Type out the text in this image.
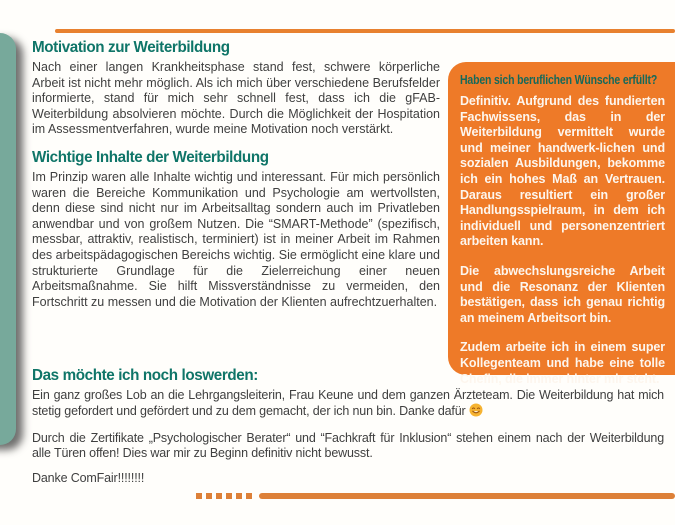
Motivation zur Weiterbildung

Nach einer langen Krankheitsphase stand fest, schwere körperliche Arbeit ist nicht mehr möglich. Als ich mich über verschiedene Berufsfelder informierte, stand für mich sehr schnell fest, dass ich die gFAB-Weiterbildung absolvieren möchte. Durch die Möglichkeit der Hospitation im Assessmentverfahren, wurde meine Motivation noch verstärkt.

Wichtige Inhalte der Weiterbildung

Im Prinzip waren alle Inhalte wichtig und interessant. Für mich persönlich waren die Bereiche Kommunikation und Psychologie am wertvollsten, denn diese sind nicht nur im Arbeitsalltag sondern auch im Privatleben anwendbar und von großem Nutzen. Die “SMART-Methode” (spezifisch, messbar, attraktiv, realistisch, terminiert) ist in meiner Arbeit im Rahmen des arbeitspädagogischen Bereichs wichtig. Sie ermöglicht eine klare und strukturierte Grundlage für die Zielerreichung einer neuen Arbeitsmaßnahme. Sie hilft Missverständnisse zu vermeiden, den Fortschritt zu messen und die Motivation der Klienten aufrechtzuerhalten.

Haben sich beruflichen Wünsche erfüllt?

Definitiv. Aufgrund des fundierten Fachwissens, das in der Weiterbildung vermittelt wurde und meiner handwerk-lichen und sozialen Ausbildungen, bekomme ich ein hohes Maß an Vertrauen. Daraus resultiert ein großer Handlungsspielraum, in dem ich individuell und personenzentriert arbeiten kann.

Die abwechslungsreiche Arbeit und die Resonanz der Klienten bestätigen, dass ich genau richtig an meinem Arbeitsort bin.

Zudem arbeite ich in einem super Kollegenteam und habe eine tolle Chefin, die immer hinter mir steht.

Das möchte ich noch loswerden:

Ein ganz großes Lob an die Lehrgangsleiterin, Frau Keune und dem ganzen Ärzteteam. Die Weiterbildung hat mich stetig gefordert und gefördert und zu dem gemacht, der ich nun bin. Danke dafür

Durch die Zertifikate „Psychologischer Berater“ und “Fachkraft für Inklusion“ stehen einem nach der Weiterbildung alle Türen offen! Dies war mir zu Beginn definitiv nicht bewusst.

Danke ComFair!!!!!!!!
